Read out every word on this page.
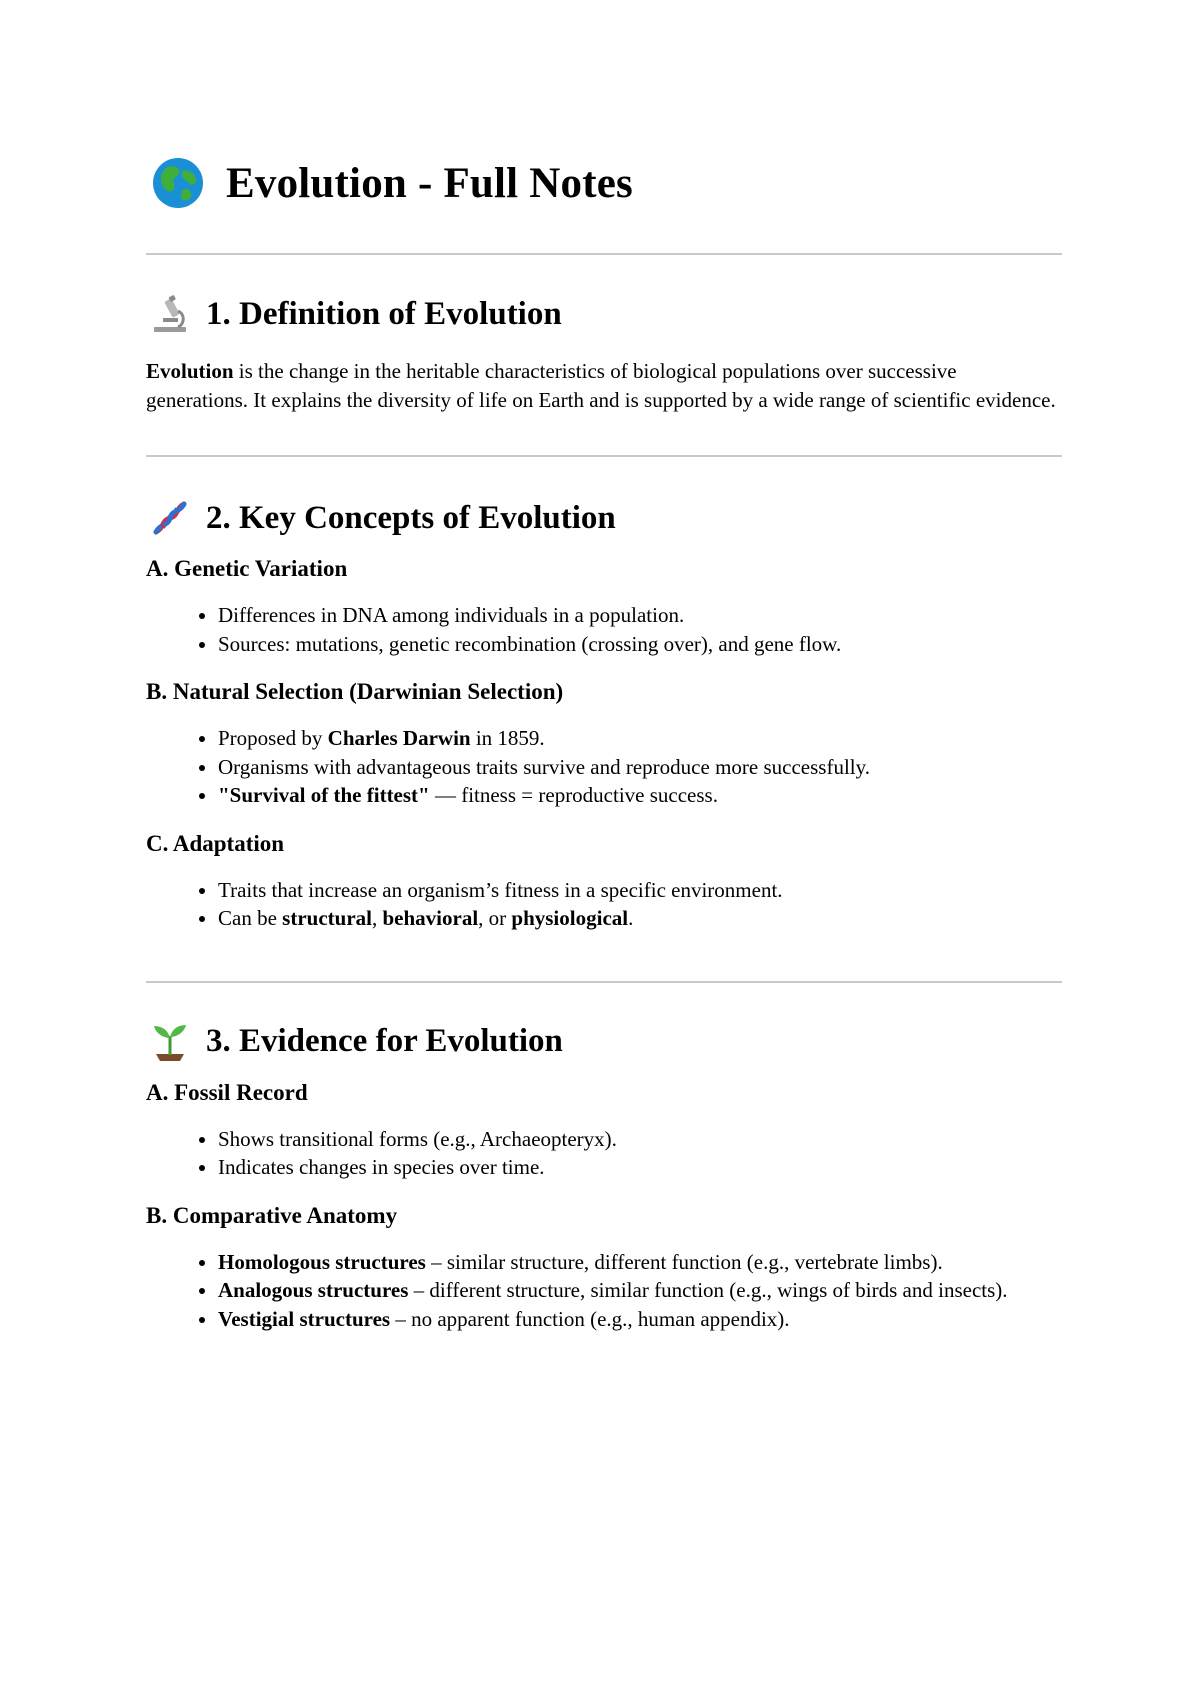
Evolution - Full Notes
1. Definition of Evolution

Evolution is the change in the heritable characteristics of biological populations over successive generations. It explains the diversity of life on Earth and is supported by a wide range of scientific evidence.

2. Key Concepts of Evolution
A. Genetic Variation
• Differences in DNA among individuals in a population.
• Sources: mutations, genetic recombination (crossing over), and gene flow.
B. Natural Selection (Darwinian Selection)
• Proposed by Charles Darwin in 1859.
• Organisms with advantageous traits survive and reproduce more successfully.
• "Survival of the fittest" — fitness = reproductive success.
C. Adaptation
• Traits that increase an organism’s fitness in a specific environment.
• Can be structural, behavioral, or physiological.
3. Evidence for Evolution
A. Fossil Record
• Shows transitional forms (e.g., Archaeopteryx).
• Indicates changes in species over time.
B. Comparative Anatomy
• Homologous structures – similar structure, different function (e.g., vertebrate limbs).
• Analogous structures – different structure, similar function (e.g., wings of birds and insects).
• Vestigial structures – no apparent function (e.g., human appendix).
